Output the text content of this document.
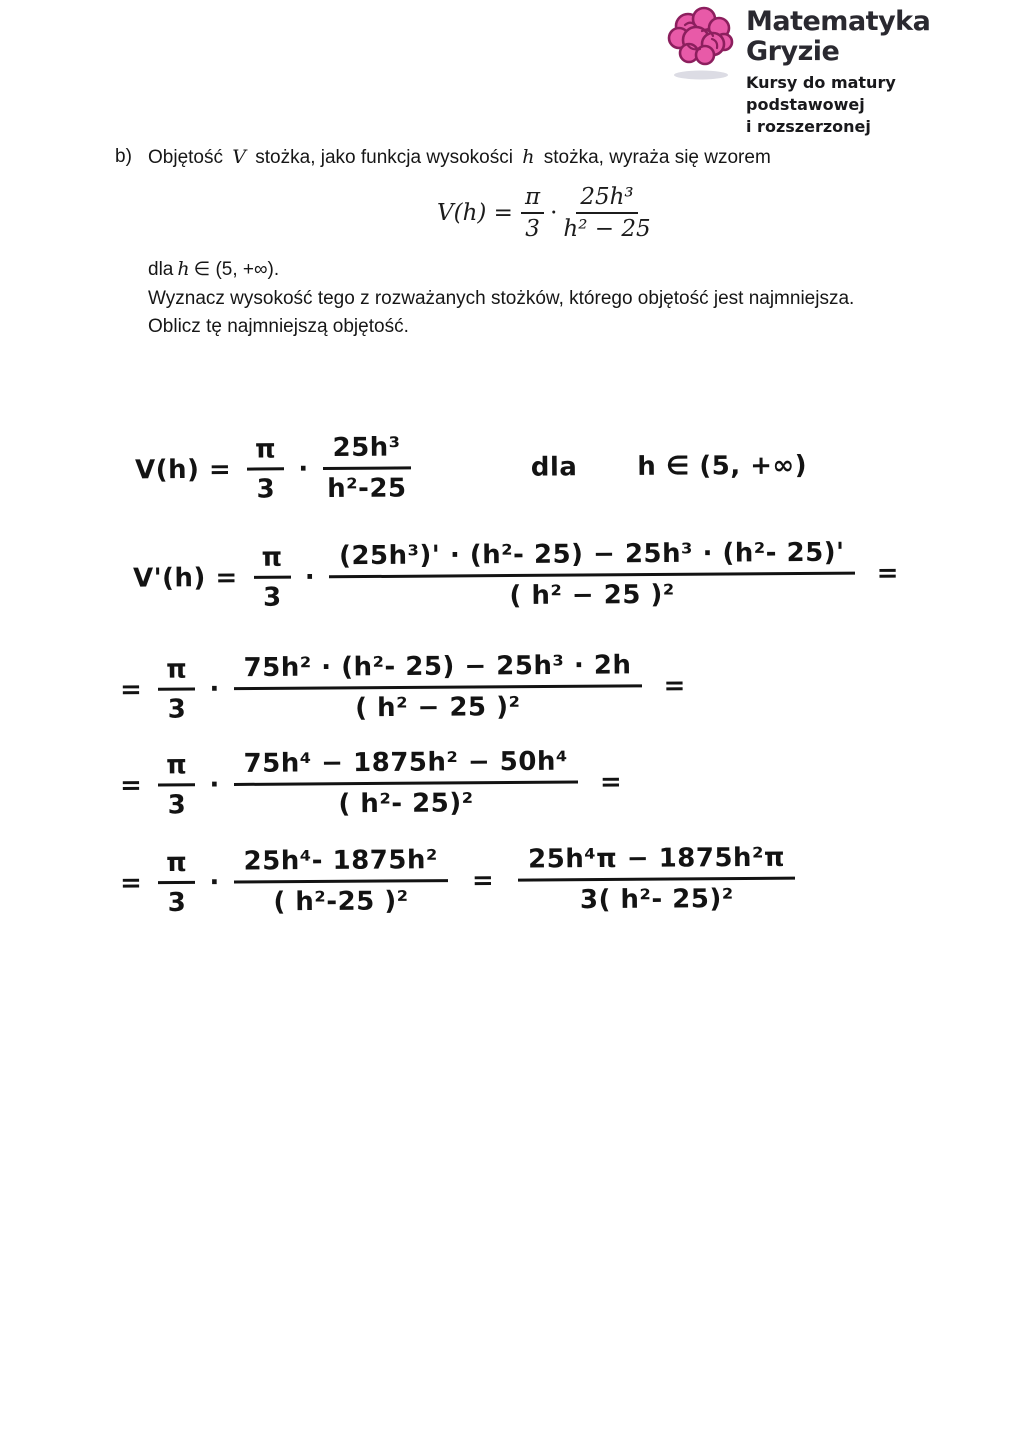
Matematyka Gryzie
Kursy do matury podstawowej
i rozszerzonej
b) Objętość V stożka, jako funkcja wysokości h stożka, wyraża się wzorem
$V(h) = \frac{\pi}{3} \cdot \frac{\text{25h³}}{\text{h² − 25}}$
dla h ∈ (5, +∞).
Wyznacz wysokość tego z rozważanych stożków, którego objętość jest najmniejsza.
Oblicz tę najmniejszą objętość.
$V(h) = \frac{\pi}{3} \cdot \frac{\text{25h³}}{\text{h²-25}}$	dla h ∈ (5, +∞)
$V'(h) = \frac{\pi}{3} \cdot \frac{\text{(25h³)' · (h²- 25) − 25h³ · (h²- 25)'}}{\text{( h² − 25 )²}}$ =
= $\frac{\pi}{3} \cdot \frac{\text{75h² · (h²- 25) − 25h³ · 2h}}{\text{( h² − 25 )²}}$ =
= $\frac{\pi}{3} \cdot \frac{\text{75h⁴ − 1875h² − 50h⁴}}{\text{( h²- 25)²}}$ =
= $\frac{\pi}{3} \cdot \frac{\text{25h⁴- 1875h²}}{\text{( h²-25 )²}} = \frac{\text{25h⁴π − 1875h²π}}{\text{3( h²- 25)²}}$
